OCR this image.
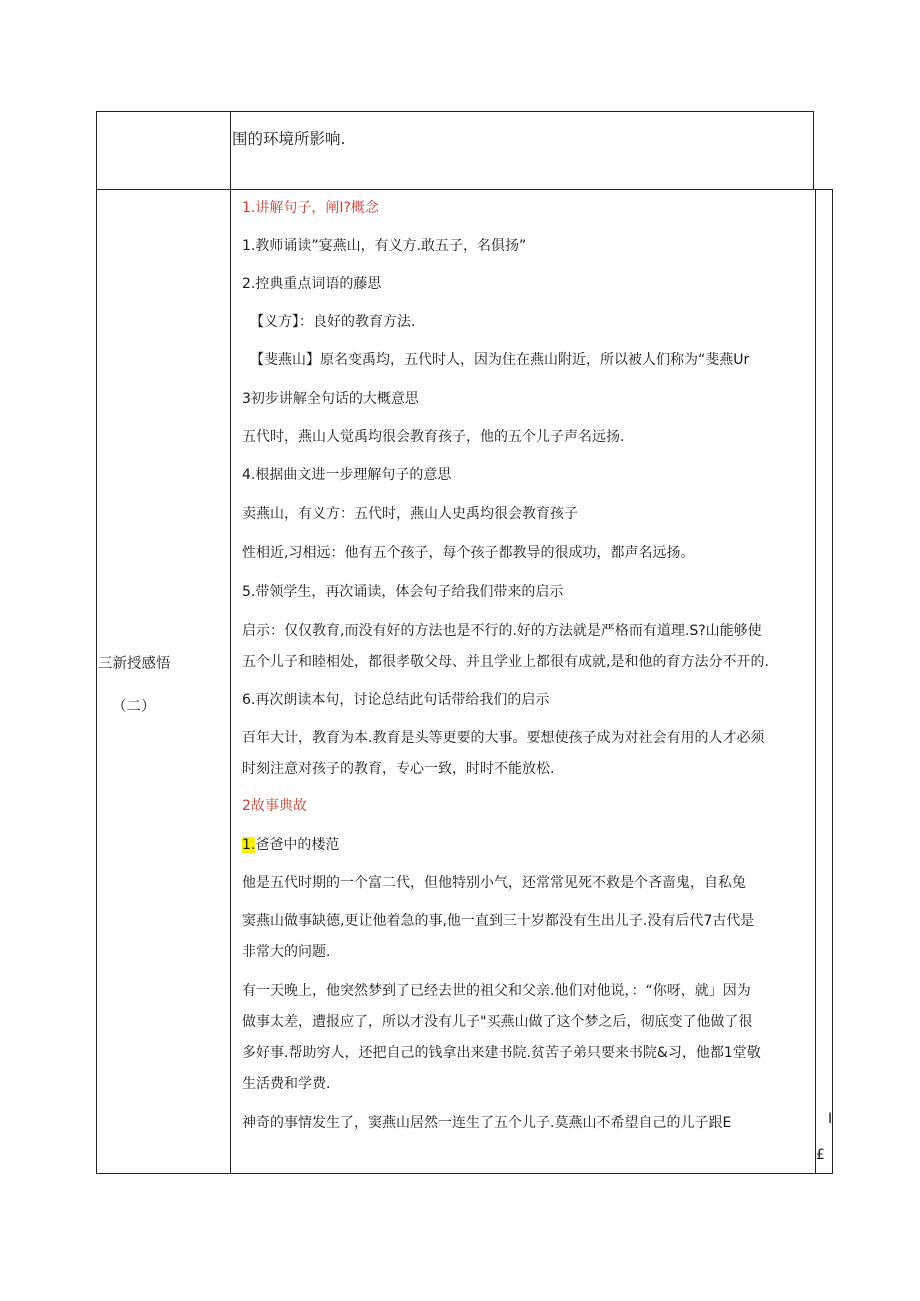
围的环境所影响.
三新授感悟
（二）
1.讲解句子，阐I?概念
1.教师诵读”宴燕山，有义方.敢五子，名俱扬”
2.控典重点词语的藤思
【义方】：良好的教育方法.
【斐燕山】原名变禹均，五代时人，因为住在燕山附近，所以被人们称为“斐燕Ur
3初步讲解全句话的大概意思
五代时，燕山人觉禹均很会教育孩子，他的五个儿子声名远扬.
4.根据曲文进一步理解句子的意思
卖燕山，有义方：五代时，燕山人史禹均很会教育孩子
性相近,习相远：他有五个孩子，每个孩子都教导的很成功，都声名远扬。
5.带领学生，再次诵读，体会句子给我们带来的启示
启示：仅仅教育,而没有好的方法也是不行的.好的方法就是严格而有道理.S?山能够使
五个儿子和睦相处，都很孝敬父母、并且学业上都很有成就,是和他的育方法分不开的.
6.再次朗读本句，讨论总结此句话带给我们的启示
百年大计，教育为本.教育是头等更要的大事。要想使孩子成为对社会有用的人才必须
时刻注意对孩子的教育，专心一致，时时不能放松.
2故事典故
1.爸爸中的楼范
他是五代时期的一个富二代，但他特别小气，还常常见死不救是个吝啬鬼，自私兔
窦燕山做事缺德,更让他着急的事,他一直到三十岁都没有生出儿子.没有后代7古代是
非常大的问题.
有一天晚上，他突然梦到了已经去世的祖父和父亲.他们对他说，：“你呀，就」因为
做事太差，遭报应了，所以才没有儿子"买燕山做了这个梦之后，彻底变了他做了很
多好事.帮助穷人，还把自己的钱拿出来建书院.贫苦子弟只要来书院&习，他都1堂敬
生活费和学费.
神奇的事情发生了，窦燕山居然一连生了五个儿子.莫燕山不希望自己的儿子跟E	I
£
